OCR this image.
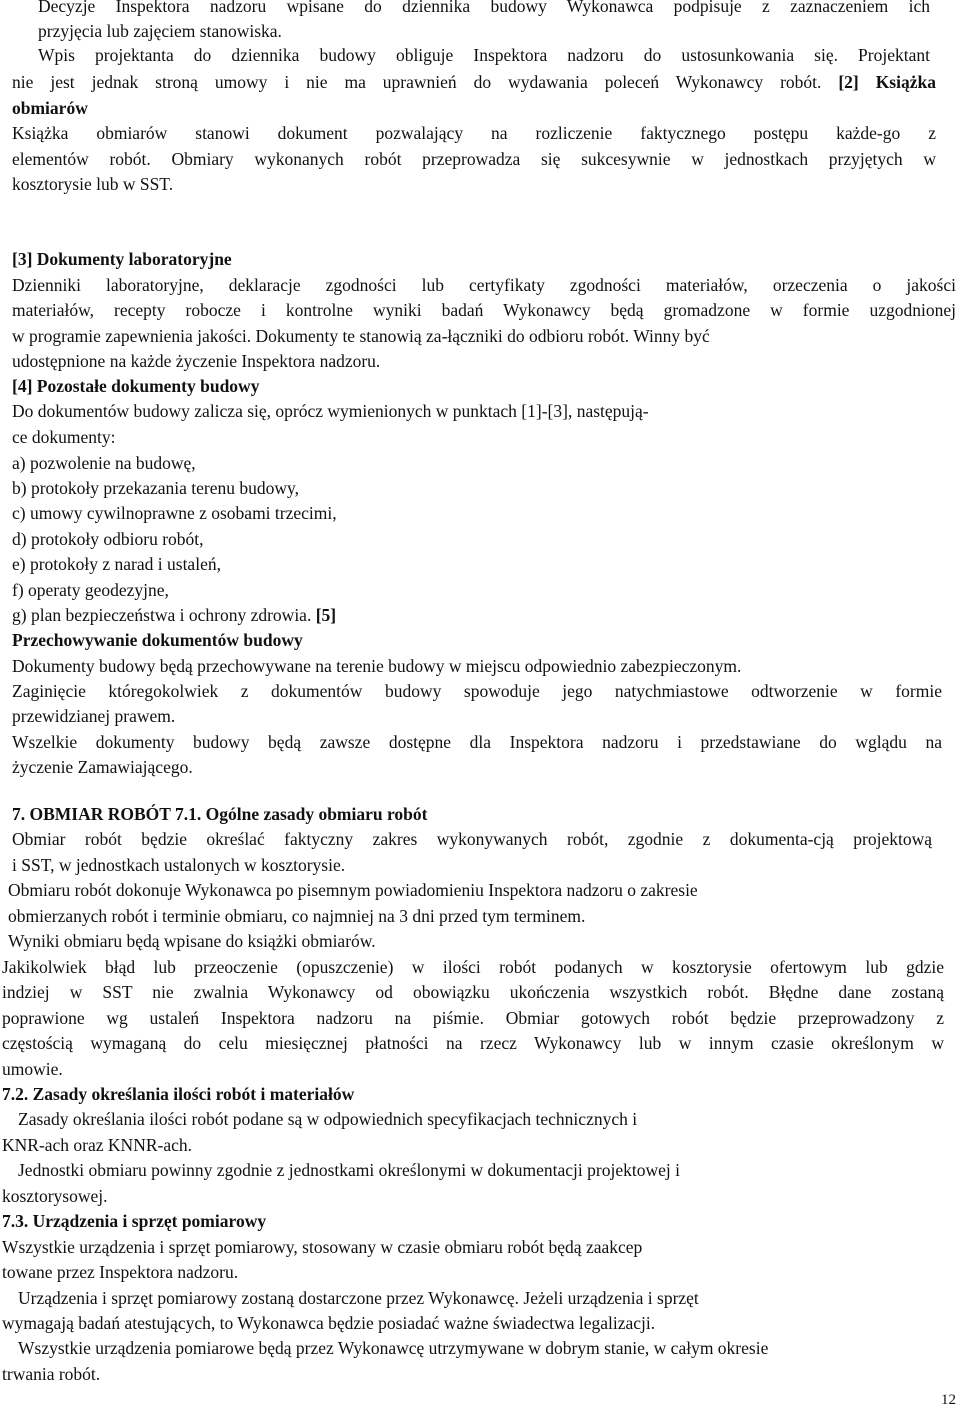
Decyzje Inspektora nadzoru wpisane do dziennika budowy Wykonawca podpisuje z zaznaczeniem ich
przyjęcia lub zajęciem stanowiska.
Wpis projektanta do dziennika budowy obliguje Inspektora nadzoru do ustosunkowania się. Projektant
nie jest jednak stroną umowy i nie ma uprawnień do wydawania poleceń Wykonawcy robót. [2] Książka
obmiarów
Książka obmiarów stanowi dokument pozwalający na rozliczenie faktycznego postępu każde-go z
elementów robót. Obmiary wykonanych robót przeprowadza się sukcesywnie w jednostkach przyjętych w
kosztorysie lub w SST.
[3] Dokumenty laboratoryjne
Dzienniki laboratoryjne, deklaracje zgodności lub certyfikaty zgodności materiałów, orzeczenia o jakości
materiałów, recepty robocze i kontrolne wyniki badań Wykonawcy będą gromadzone w formie uzgodnionej
w programie zapewnienia jakości. Dokumenty te stanowią za-łączniki do odbioru robót. Winny być
udostępnione na każde życzenie Inspektora nadzoru.
[4] Pozostałe dokumenty budowy
Do dokumentów budowy zalicza się, oprócz wymienionych w punktach [1]-[3], następują-
ce dokumenty:
a) pozwolenie na budowę,
b) protokoły przekazania terenu budowy,
c) umowy cywilnoprawne z osobami trzecimi,
d) protokoły odbioru robót,
e) protokoły z narad i ustaleń,
f) operaty geodezyjne,
g) plan bezpieczeństwa i ochrony zdrowia. [5]
Przechowywanie dokumentów budowy
Dokumenty budowy będą przechowywane na terenie budowy w miejscu odpowiednio zabezpieczonym.
Zaginięcie któregokolwiek z dokumentów budowy spowoduje jego natychmiastowe odtworzenie w formie
przewidzianej prawem.
Wszelkie dokumenty budowy będą zawsze dostępne dla Inspektora nadzoru i przedstawiane do wglądu na
życzenie Zamawiającego.
7. OBMIAR ROBÓT 7.1. Ogólne zasady obmiaru robót
Obmiar robót będzie określać faktyczny zakres wykonywanych robót, zgodnie z dokumenta-cją projektową
i SST, w jednostkach ustalonych w kosztorysie.
Obmiaru robót dokonuje Wykonawca po pisemnym powiadomieniu Inspektora nadzoru o zakresie
obmierzanych robót i terminie obmiaru, co najmniej na 3 dni przed tym terminem.
Wyniki obmiaru będą wpisane do książki obmiarów.
Jakikolwiek błąd lub przeoczenie (opuszczenie) w ilości robót podanych w kosztorysie ofertowym lub gdzie
indziej w SST nie zwalnia Wykonawcy od obowiązku ukończenia wszystkich robót. Błędne dane zostaną
poprawione wg ustaleń Inspektora nadzoru na piśmie. Obmiar gotowych robót będzie przeprowadzony z
częstością wymaganą do celu miesięcznej płatności na rzecz Wykonawcy lub w innym czasie określonym w
umowie.
7.2. Zasady określania ilości robót i materiałów
Zasady określania ilości robót podane są w odpowiednich specyfikacjach technicznych i
KNR-ach oraz KNNR-ach.
Jednostki obmiaru powinny zgodnie z jednostkami określonymi w dokumentacji projektowej i
kosztorysowej.
7.3. Urządzenia i sprzęt pomiarowy
Wszystkie urządzenia i sprzęt pomiarowy, stosowany w czasie obmiaru robót będą zaakcep
towane przez Inspektora nadzoru.
Urządzenia i sprzęt pomiarowy zostaną dostarczone przez Wykonawcę. Jeżeli urządzenia i sprzęt
wymagają badań atestujących, to Wykonawca będzie posiadać ważne świadectwa legalizacji.
Wszystkie urządzenia pomiarowe będą przez Wykonawcę utrzymywane w dobrym stanie, w całym okresie
trwania robót.
12
